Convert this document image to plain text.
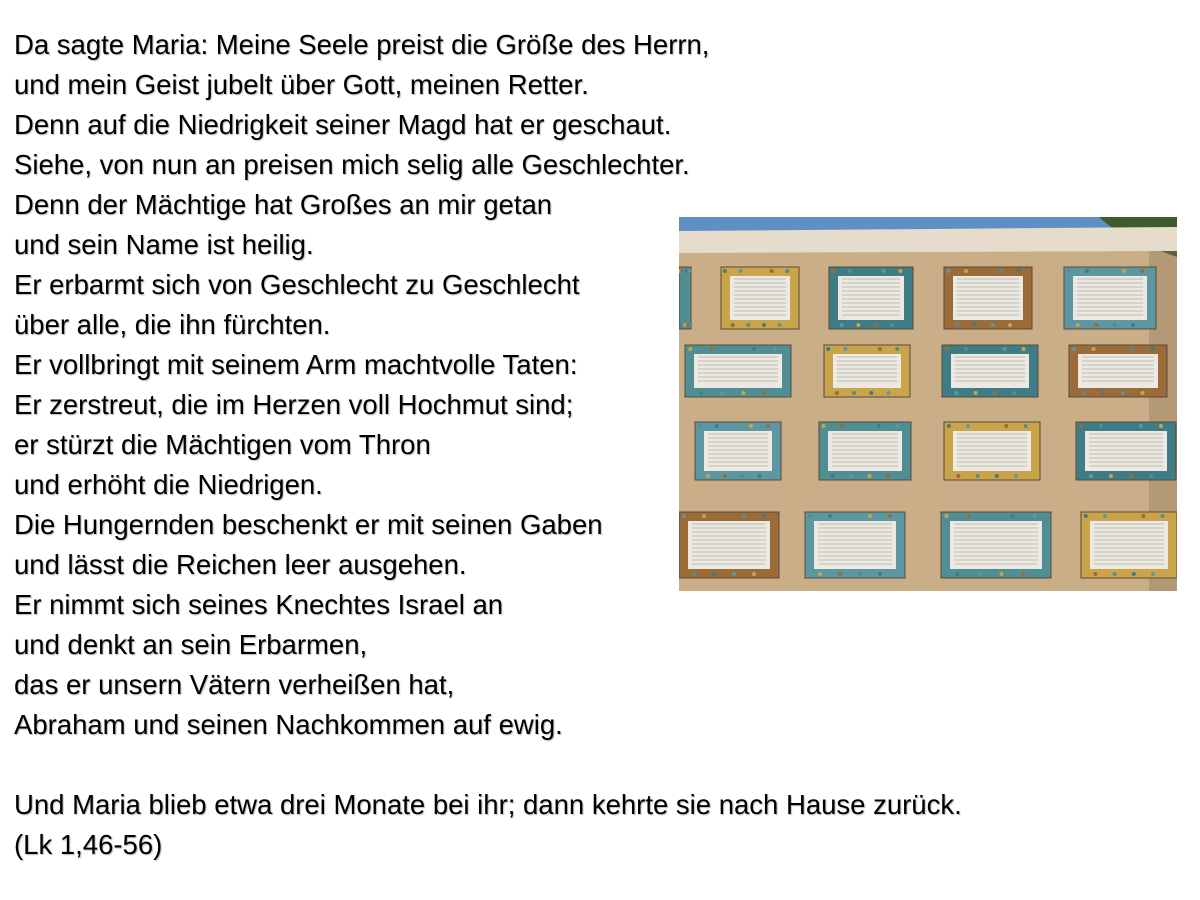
Da sagte Maria: Meine Seele preist die Größe des Herrn,
und mein Geist jubelt über Gott, meinen Retter.
Denn auf die Niedrigkeit seiner Magd hat er geschaut.
Siehe, von nun an preisen mich selig alle Geschlechter.
Denn der Mächtige hat Großes an mir getan
und sein Name ist heilig.
Er erbarmt sich von Geschlecht zu Geschlecht
über alle, die ihn fürchten.
Er vollbringt mit seinem Arm machtvolle Taten:
Er zerstreut, die im Herzen voll Hochmut sind;
er stürzt die Mächtigen vom Thron
und erhöht die Niedrigen.
Die Hungernden beschenkt er mit seinen Gaben
und lässt die Reichen leer ausgehen.
Er nimmt sich seines Knechtes Israel an
und denkt an sein Erbarmen,
das er unsern Vätern verheißen hat,
Abraham und seinen Nachkommen auf ewig.
Und Maria blieb etwa drei Monate bei ihr; dann kehrte sie nach Hause zurück.
(Lk 1,46-56)
